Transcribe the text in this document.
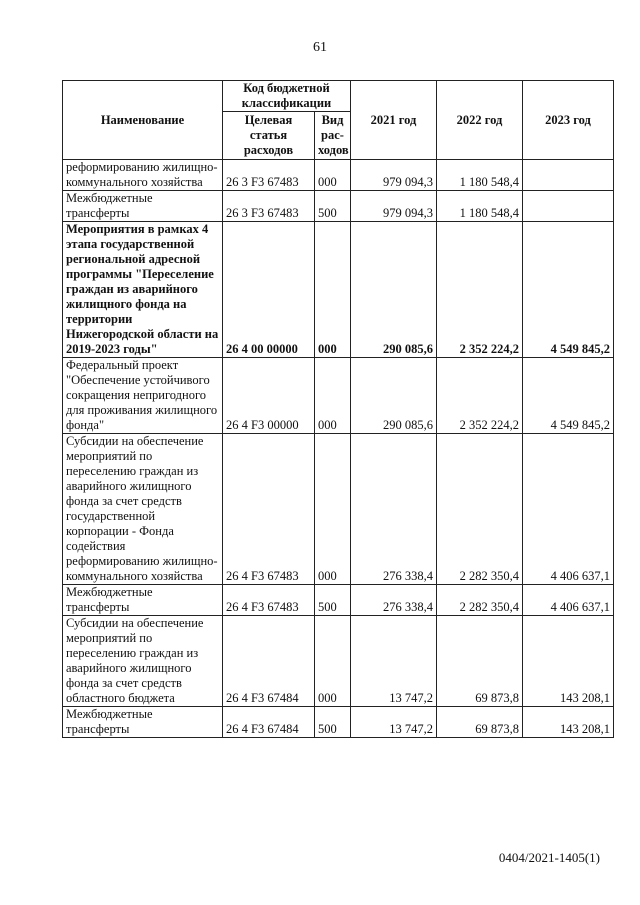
61
Наименование	Код бюджетной классификации		2021 год	2022 год	2023 год
	Целевая статья расходов	Вид рас-ходов			
реформированию жилищно-коммунального хозяйства	26 3 F3 67483	000	979 094,3	1 180 548,4	
Межбюджетные трансферты	26 3 F3 67483	500	979 094,3	1 180 548,4	
Мероприятия в рамках 4 этапа государственной региональной адресной программы "Переселение граждан из аварийного жилищного фонда на территории Нижегородской области на 2019-2023 годы"	26 4 00 00000	000	290 085,6	2 352 224,2	4 549 845,2
Федеральный проект "Обеспечение устойчивого сокращения непригодного для проживания жилищного фонда"	26 4 F3 00000	000	290 085,6	2 352 224,2	4 549 845,2
Субсидии на обеспечение мероприятий по переселению граждан из аварийного жилищного фонда за счет средств государственной корпорации - Фонда содействия реформированию жилищно-коммунального хозяйства	26 4 F3 67483	000	276 338,4	2 282 350,4	4 406 637,1
Межбюджетные трансферты	26 4 F3 67483	500	276 338,4	2 282 350,4	4 406 637,1
Субсидии на обеспечение мероприятий по переселению граждан из аварийного жилищного фонда за счет средств областного бюджета	26 4 F3 67484	000	13 747,2	69 873,8	143 208,1
Межбюджетные трансферты	26 4 F3 67484	500	13 747,2	69 873,8	143 208,1
0404/2021-1405(1)
